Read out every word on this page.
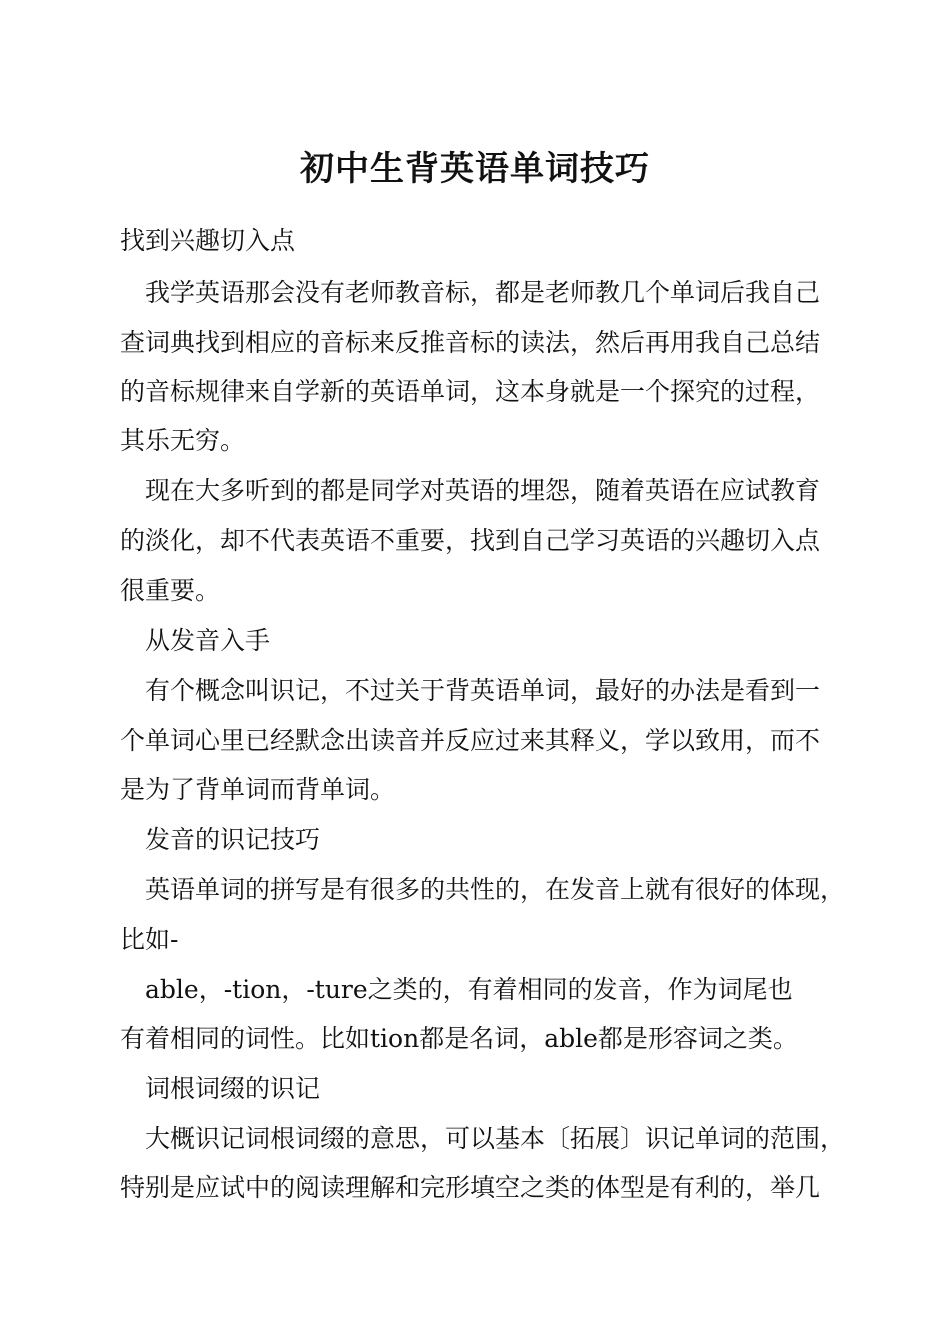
初中生背英语单词技巧

找到兴趣切入点

我学英语那会没有老师教音标，都是老师教几个单词后我自己

查词典找到相应的音标来反推音标的读法，然后再用我自己总结

的音标规律来自学新的英语单词，这本身就是一个探究的过程，

其乐无穷。

现在大多听到的都是同学对英语的埋怨，随着英语在应试教育

的淡化，却不代表英语不重要，找到自己学习英语的兴趣切入点

很重要。

从发音入手

有个概念叫识记，不过关于背英语单词，最好的办法是看到一

个单词心里已经默念出读音并反应过来其释义，学以致用，而不

是为了背单词而背单词。

发音的识记技巧

英语单词的拼写是有很多的共性的，在发音上就有很好的体现，

比如-

able，-tion，-ture之类的，有着相同的发音，作为词尾也

有着相同的词性。比如tion都是名词，able都是形容词之类。

词根词缀的识记

大概识记词根词缀的意思，可以基本〔拓展〕识记单词的范围，

特别是应试中的阅读理解和完形填空之类的体型是有利的，举几
